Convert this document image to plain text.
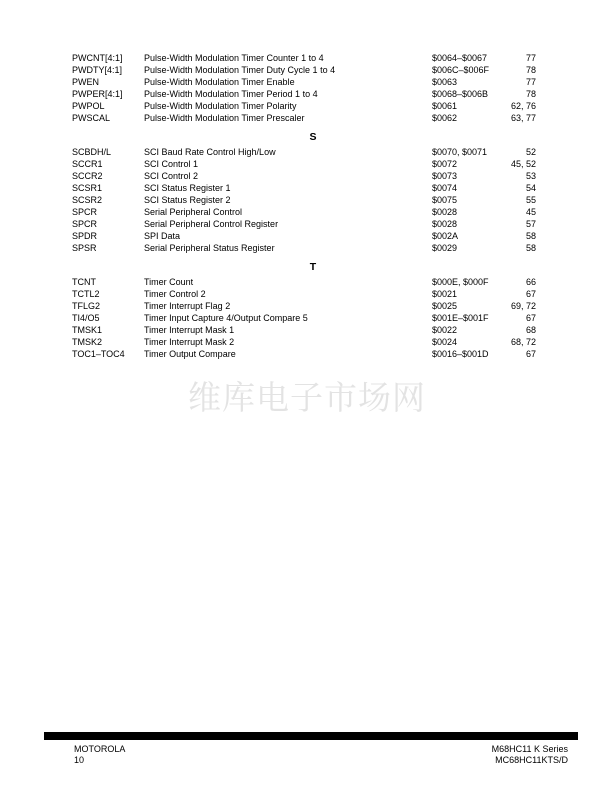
PWCNT[4:1] Pulse-Width Modulation Timer Counter 1 to 4	$0064–$0067	77
PWDTY[4:1] Pulse-Width Modulation Timer Duty Cycle 1 to 4	$006C–$006F	78
PWEN	Pulse-Width Modulation Timer Enable	$0063	77
PWPER[4:1] Pulse-Width Modulation Timer Period 1 to 4	$0068–$006B	78
PWPOL	Pulse-Width Modulation Timer Polarity	$0061	62, 76
PWSCAL	Pulse-Width Modulation Timer Prescaler	$0062	63, 77
S
SCBDH/L	SCI Baud Rate Control High/Low	$0070, $0071	52
SCCR1	SCI Control 1	$0072	45, 52
SCCR2	SCI Control 2	$0073	53
SCSR1	SCI Status Register 1	$0074	54
SCSR2	SCI Status Register 2	$0075	55
SPCR	Serial Peripheral Control	$0028	45
SPCR	Serial Peripheral Control Register	$0028	57
SPDR	SPI Data	$002A	58
SPSR	Serial Peripheral Status Register	$0029	58
T
TCNT	Timer Count	$000E, $000F	66
TCTL2	Timer Control 2	$0021	67
TFLG2	Timer Interrupt Flag 2	$0025	69, 72
TI4/O5	Timer Input Capture 4/Output Compare 5	$001E–$001F	67
TMSK1	Timer Interrupt Mask 1	$0022	68
TMSK2	Timer Interrupt Mask 2	$0024	68, 72
TOC1–TOC4 Timer Output Compare	$0016–$001D	67
维库电子市场网
MOTOROLA
10
M68HC11 K Series
MC68HC11KTS/D
